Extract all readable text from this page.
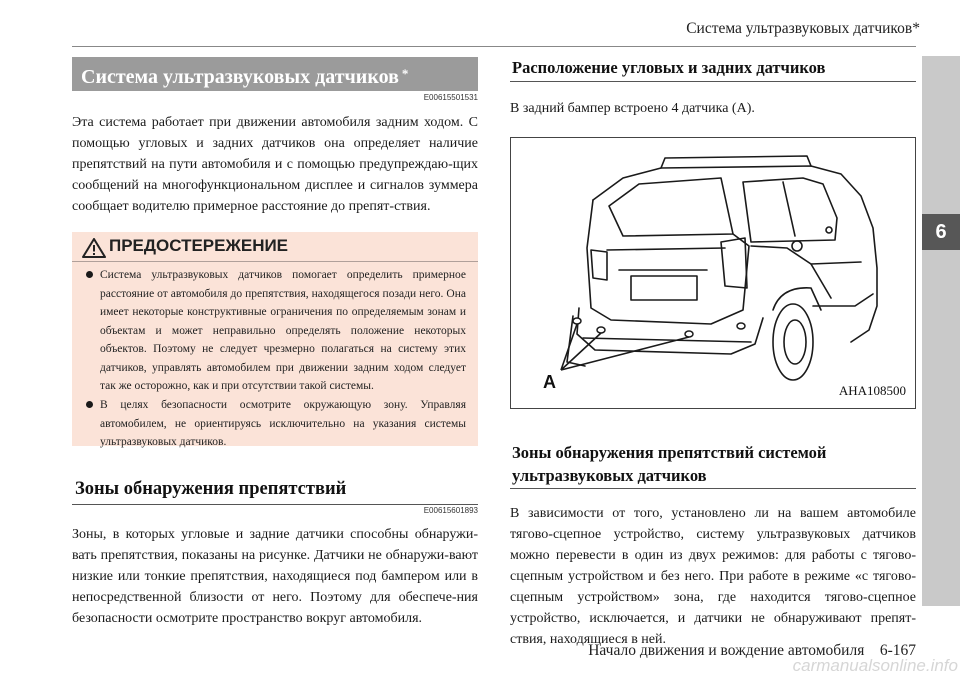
Система ультразвуковых датчиков*
6
Система ультразвуковых датчиков *
E00615501531

Эта система работает при движении автомобиля задним ходом. С помощью угловых и задних датчиков она определяет наличие препятствий на пути автомобиля и с помощью предупреждаю-щих сообщений на многофункциональном дисплее и сигналов зуммера сообщает водителю примерное расстояние до препят-ствия.

ПРЕДОСТЕРЕЖЕНИЕ

Система ультразвуковых датчиков помогает определить примерное расстояние от автомобиля до препятствия, находящегося позади него. Она имеет некоторые конструктивные ограничения по определяемым зонам и объектам и может неправильно определять положение некоторых объектов. Поэтому не следует чрезмерно полагаться на систему этих датчиков, управлять автомобилем при движении задним ходом следует так же осторожно, как и при отсутствии такой системы.

В целях безопасности осмотрите окружающую зону. Управляя автомобилем, не ориентируясь исключительно на указания системы ультразвуковых датчиков.

Зоны обнаружения препятствий
E00615601893

Зоны, в которых угловые и задние датчики способны обнаружи-вать препятствия, показаны на рисунке. Датчики не обнаружи-вают низкие или тонкие препятствия, находящиеся под бампером или в непосредственной близости от него. Поэтому для обеспече-ния безопасности осмотрите пространство вокруг автомобиля.

Расположение угловых и задних датчиков

В задний бампер встроено 4 датчика (A).

A	AHA108500
Зоны обнаружения препятствий системой
ультразвуковых датчиков

В зависимости от того, установлено ли на вашем автомобиле тягово-сцепное устройство, систему ультразвуковых датчиков можно перевести в один из двух режимов: для работы с тягово-сцепным устройством и без него. При работе в режиме «с тягово-сцепным устройством» зона, где находится тягово-сцепное устройство, исключается, и датчики не обнаруживают препят-ствия, находящиеся в ней.

Начало движения и вождение автомобиля 6-167
carmanualsonline.info
